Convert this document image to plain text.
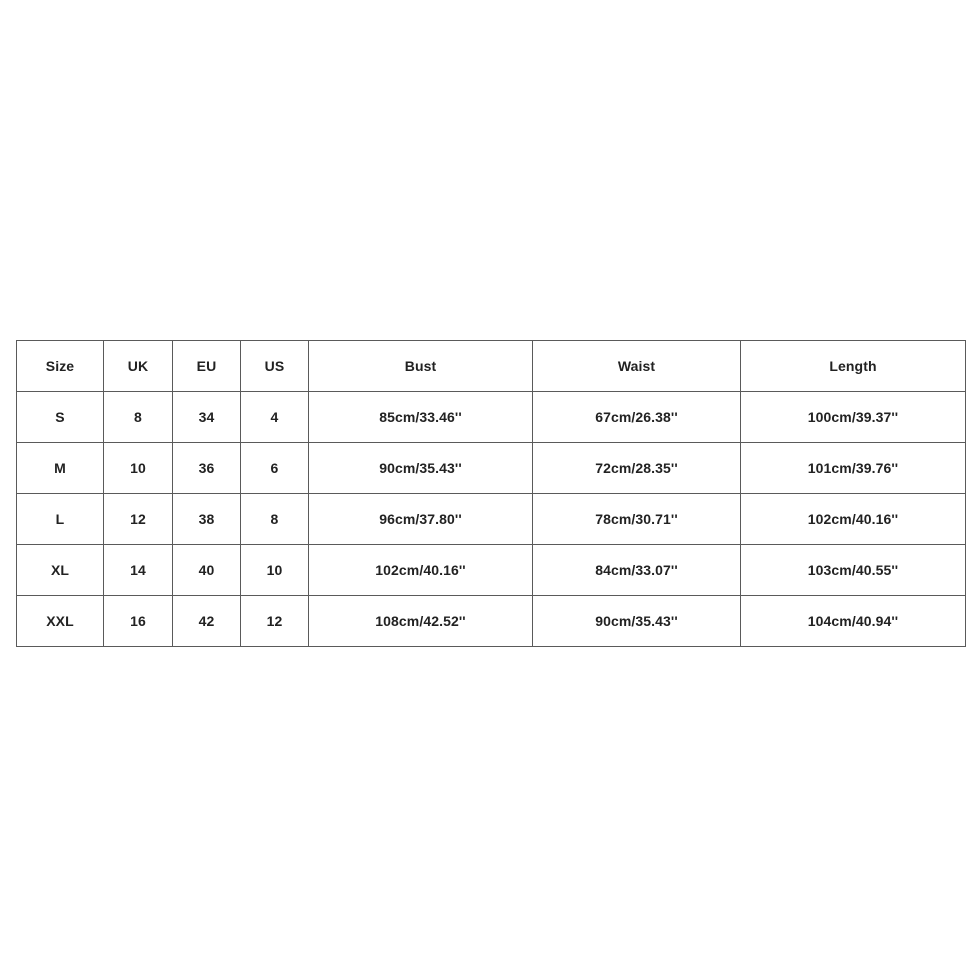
Size	UK	EU	US	Bust	Waist	Length
S	8	34	4	85cm/33.46''	67cm/26.38''	100cm/39.37''
M	10	36	6	90cm/35.43''	72cm/28.35''	101cm/39.76''
L	12	38	8	96cm/37.80''	78cm/30.71''	102cm/40.16''
XL	14	40	10	102cm/40.16''	84cm/33.07''	103cm/40.55''
XXL	16	42	12	108cm/42.52''	90cm/35.43''	104cm/40.94''
